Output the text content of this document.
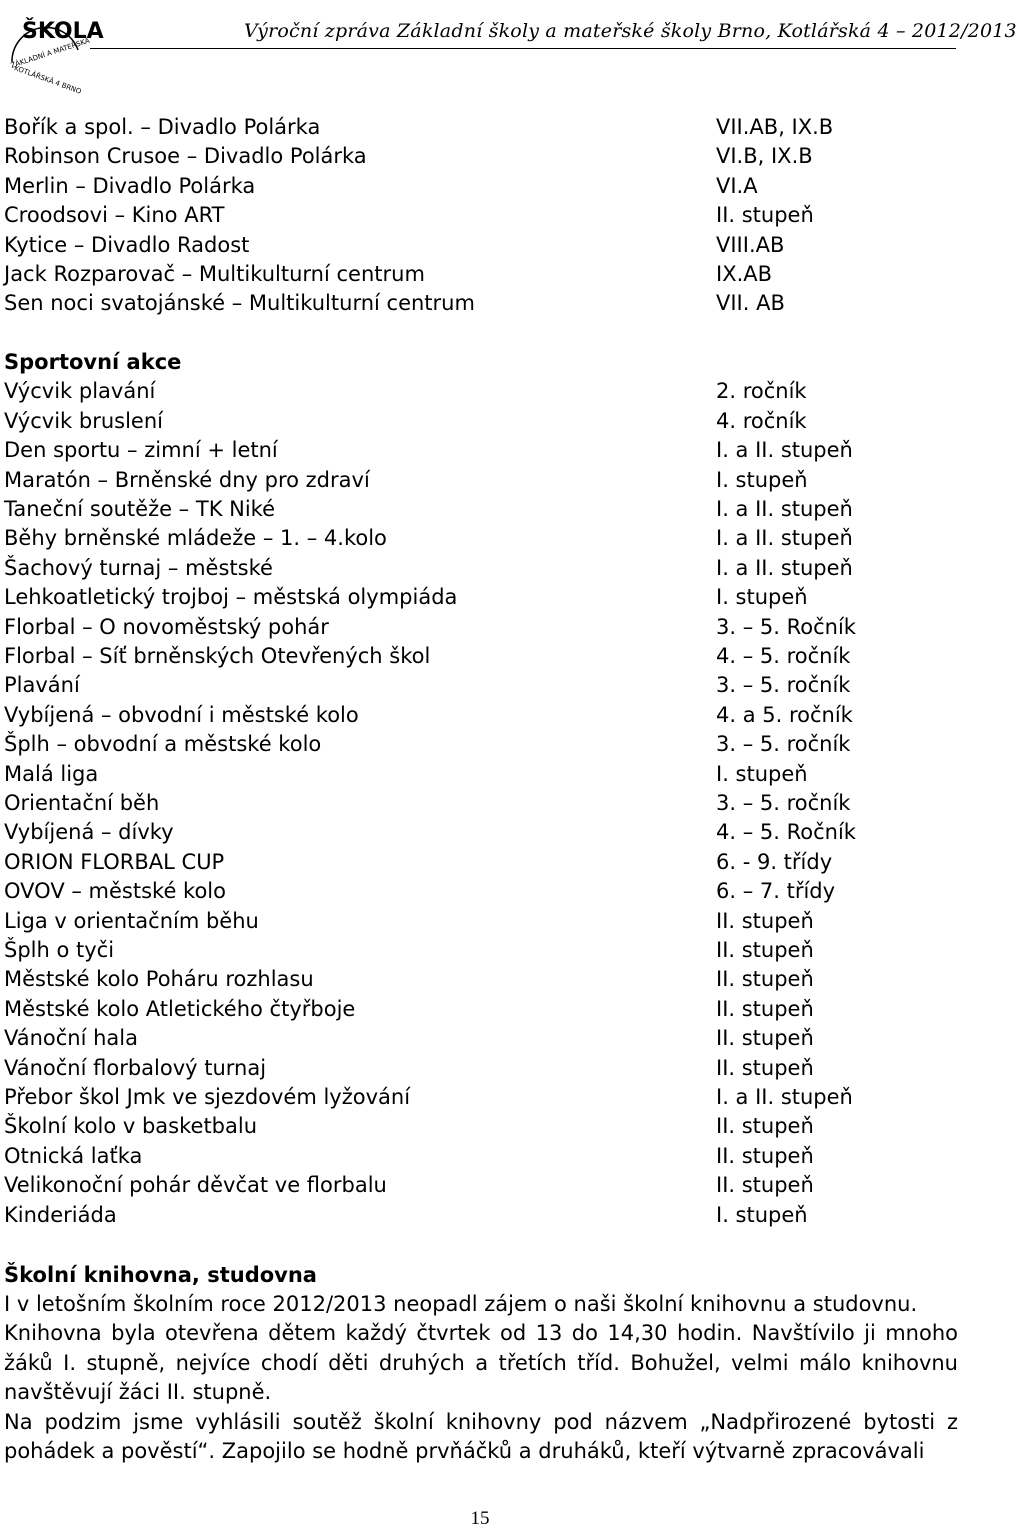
ŠKOLA
ZÁKLADNÍ A MATEŘSKÁ
KOTLÁŘSKÁ 4 BRNO
Výroční zpráva Základní školy a mateřské školy Brno, Kotlářská 4 – 2012/2013
Bořík a spol. – Divadlo Polárka	VII.AB, IX.B
Robinson Crusoe – Divadlo Polárka	VI.B, IX.B
Merlin – Divadlo Polárka	VI.A
Croodsovi – Kino ART	II. stupeň
Kytice – Divadlo Radost	VIII.AB
Jack Rozparovač – Multikulturní centrum	IX.AB
Sen noci svatojánské – Multikulturní centrum	VII. AB
Sportovní akce
Výcvik plavání	2. ročník
Výcvik bruslení	4. ročník
Den sportu – zimní + letní	I. a II. stupeň
Maratón – Brněnské dny pro zdraví	I. stupeň
Taneční soutěže – TK Niké	I. a II. stupeň
Běhy brněnské mládeže – 1. – 4.kolo	I. a II. stupeň
Šachový turnaj – městské	I. a II. stupeň
Lehkoatletický trojboj – městská olympiáda	I. stupeň
Florbal – O novoměstský pohár	3. – 5. Ročník
Florbal – Síť brněnských Otevřených škol	4. – 5. ročník
Plavání	3. – 5. ročník
Vybíjená – obvodní i městské kolo	4. a 5. ročník
Šplh – obvodní a městské kolo	3. – 5. ročník
Malá liga	I. stupeň
Orientační běh	3. – 5. ročník
Vybíjená – dívky	4. – 5. Ročník
ORION FLORBAL CUP	6. - 9. třídy
OVOV – městské kolo	6. – 7. třídy
Liga v orientačním běhu	II. stupeň
Šplh o tyči	II. stupeň
Městské kolo Poháru rozhlasu	II. stupeň
Městské kolo Atletického čtyřboje	II. stupeň
Vánoční hala	II. stupeň
Vánoční florbalový turnaj	II. stupeň
Přebor škol Jmk ve sjezdovém lyžování	I. a II. stupeň
Školní kolo v basketbalu	II. stupeň
Otnická laťka	II. stupeň
Velikonoční pohár děvčat ve florbalu	II. stupeň
Kinderiáda	I. stupeň
Školní knihovna, studovna

I v letošním školním roce 2012/2013 neopadl zájem o naši školní knihovnu a studovnu.

Knihovna byla otevřena dětem každý čtvrtek od 13 do 14,30 hodin. Navštívilo ji mnoho žáků I. stupně, nejvíce chodí děti druhých a třetích tříd. Bohužel, velmi málo knihovnu navštěvují žáci II. stupně.

Na podzim jsme vyhlásili soutěž školní knihovny pod názvem „Nadpřirozené bytosti z pohádek a pověstí“. Zapojilo se hodně prvňáčků a druháků, kteří výtvarně zpracovávali

15
